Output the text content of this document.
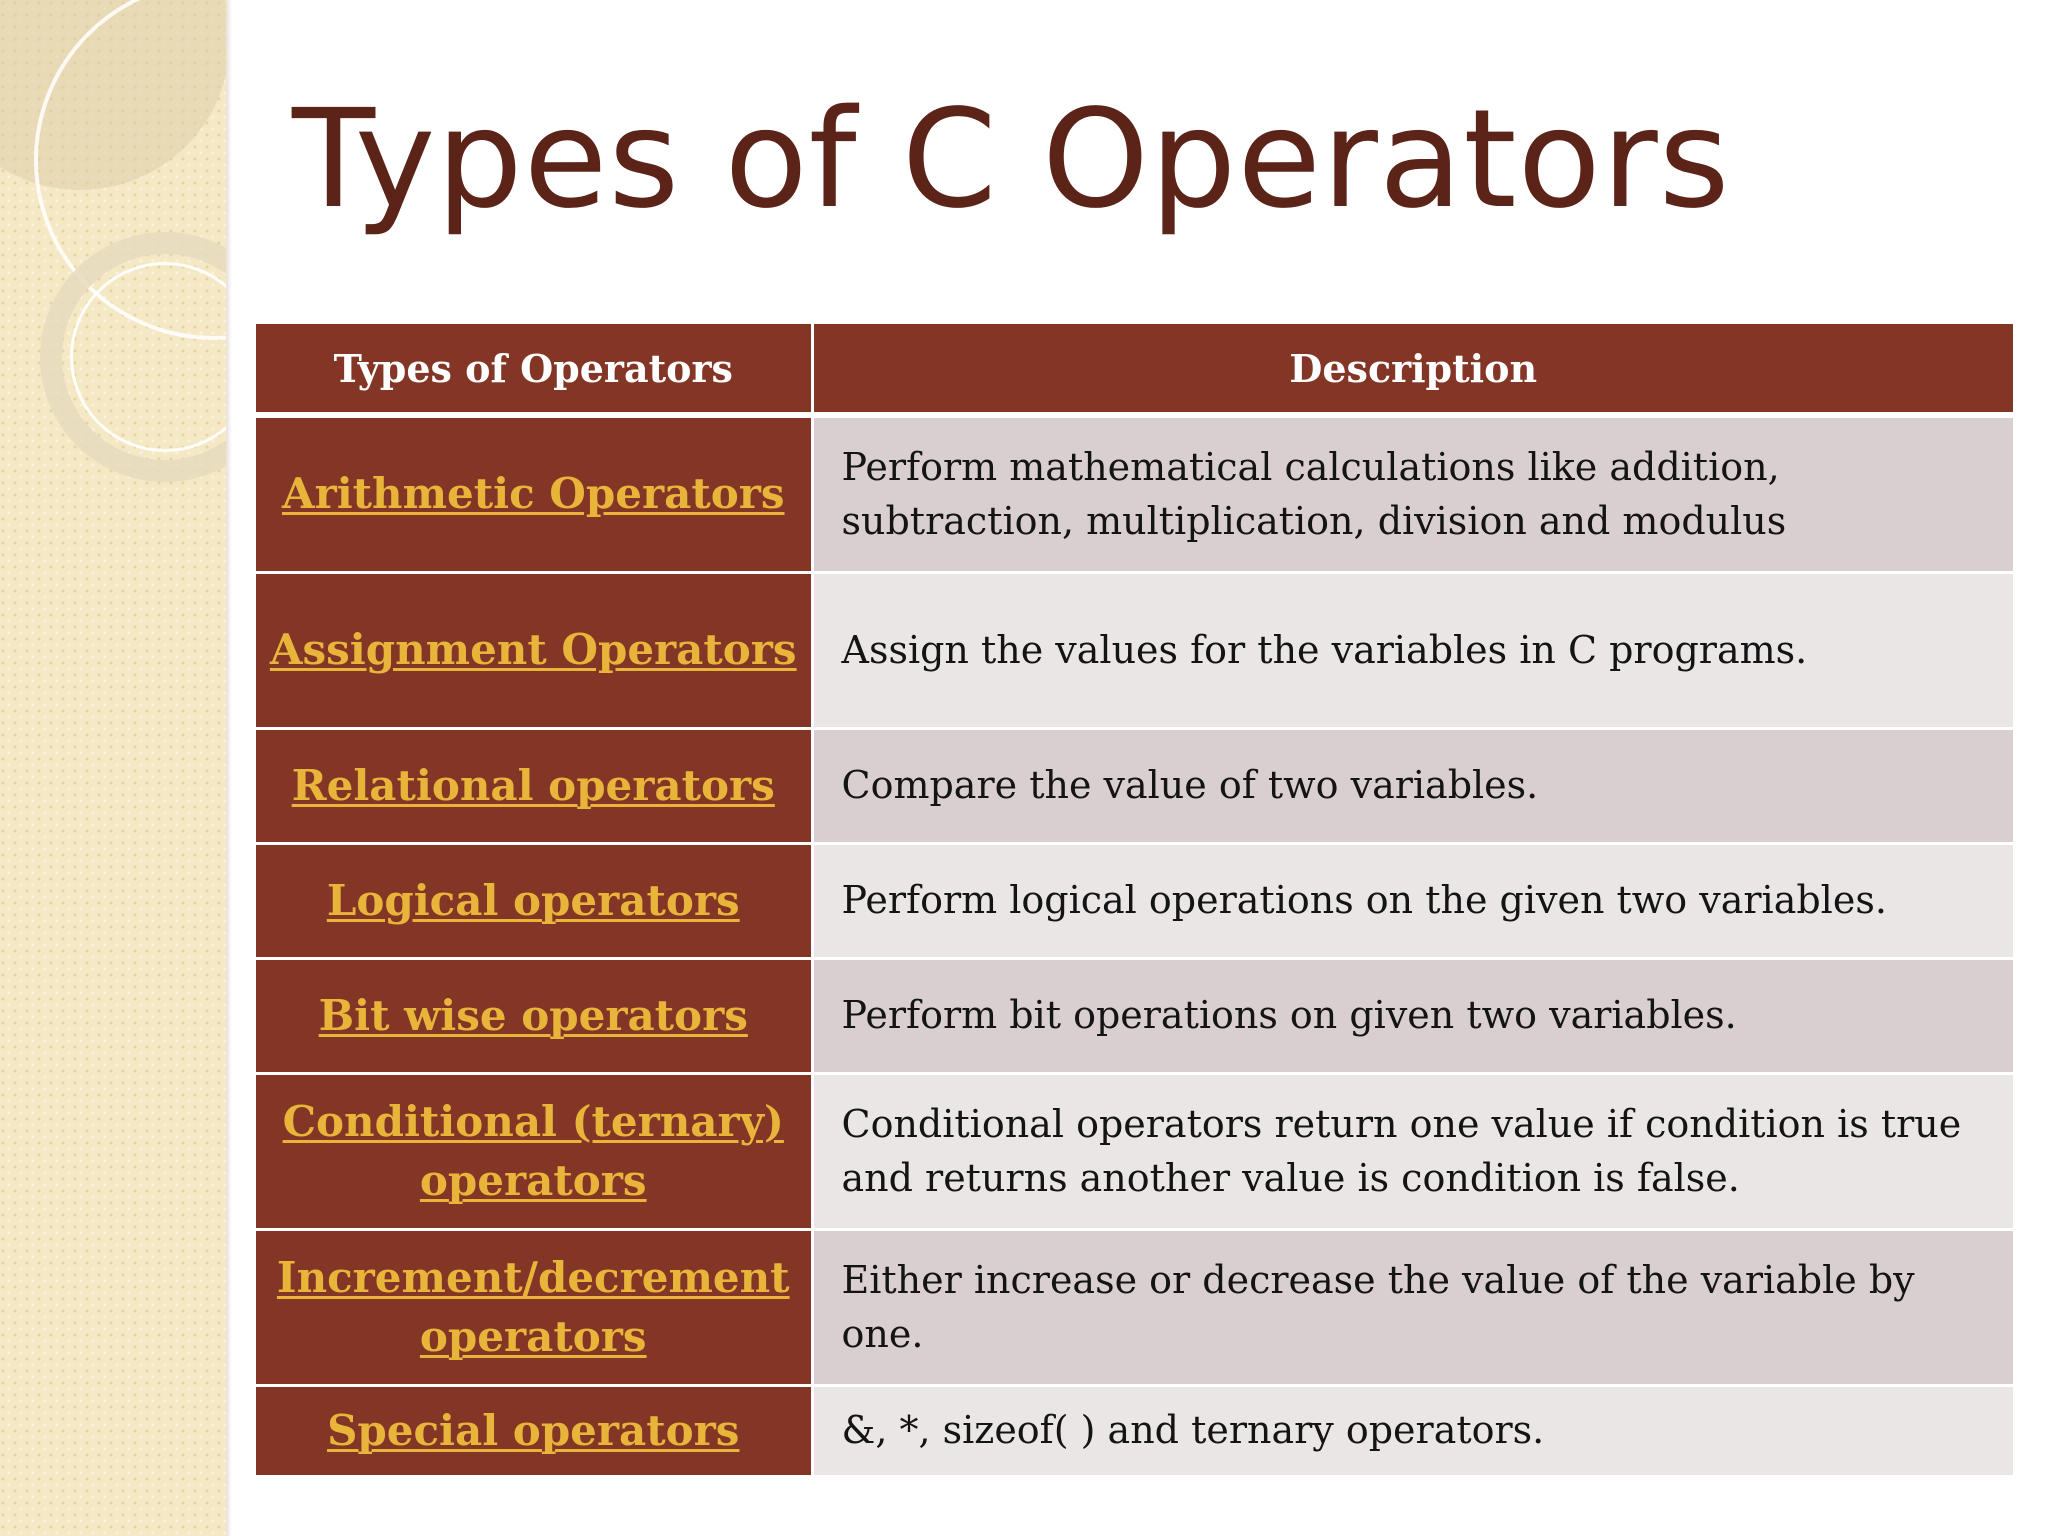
Types of C Operators
Types of Operators	Description
Arithmetic Operators	Perform mathematical calculations like addition, subtraction, multiplication, division and modulus
Assignment Operators	Assign the values for the variables in C programs.
Relational operators	Compare the value of two variables.
Logical operators	Perform logical operations on the given two variables.
Bit wise operators	Perform bit operations on given two variables.
Conditional (ternary) operators	Conditional operators return one value if condition is true and returns another value is condition is false.
Increment/decrement operators	Either increase or decrease the value of the variable by one.
Special operators	&, *, sizeof( ) and ternary operators.
